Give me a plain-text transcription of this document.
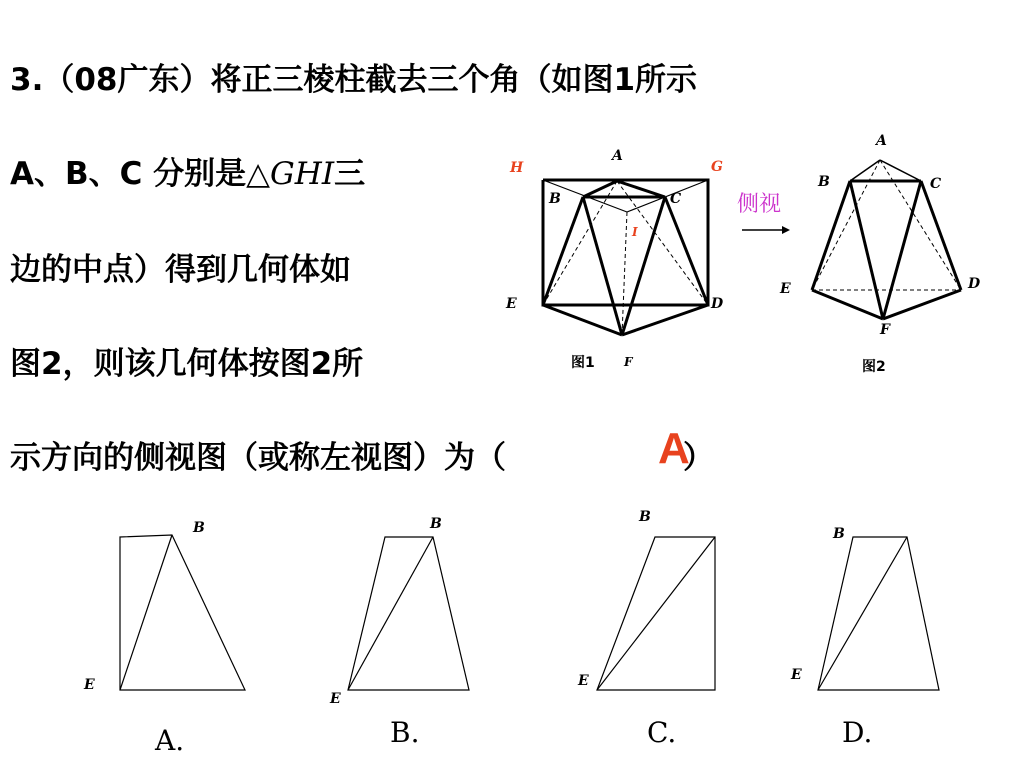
3.（08广东）将正三棱柱截去三个角（如图1所示
A、B、C 分别是△GHI三
边的中点）得到几何体如
图2，则该几何体按图2所
示方向的侧视图（或称左视图）为（	A
）
H
A
G
B	C
I
E	D
F
图1
侧视
A
B	C
E	D
F
图2
B
E
A.
B
E
B.
B
E
C.
B
E
D.
